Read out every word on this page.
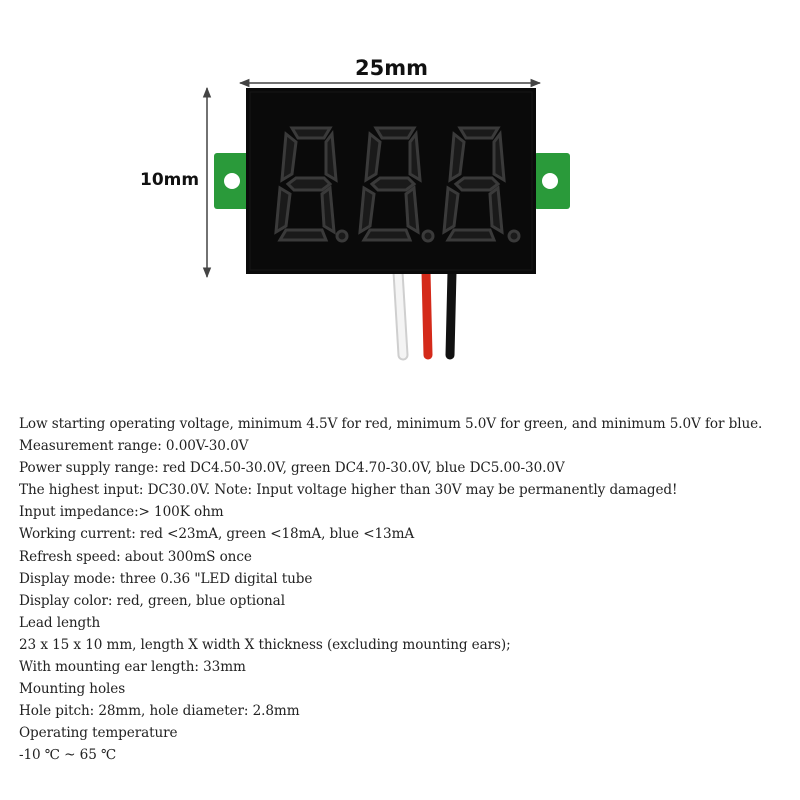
25mm
10mm
Low starting operating voltage, minimum 4.5V for red, minimum 5.0V for green, and minimum 5.0V for blue.
Measurement range: 0.00V-30.0V
Power supply range: red DC4.50-30.0V, green DC4.70-30.0V, blue DC5.00-30.0V
The highest input: DC30.0V. Note: Input voltage higher than 30V may be permanently damaged!
Input impedance:> 100K ohm
Working current: red <23mA, green <18mA, blue <13mA
Refresh speed: about 300mS once
Display mode: three 0.36 "LED digital tube
Display color: red, green, blue optional
Lead length
23 x 15 x 10 mm, length X width X thickness (excluding mounting ears);
With mounting ear length: 33mm
Mounting holes
Hole pitch: 28mm, hole diameter: 2.8mm
Operating temperature
-10 ℃ ~ 65 ℃
